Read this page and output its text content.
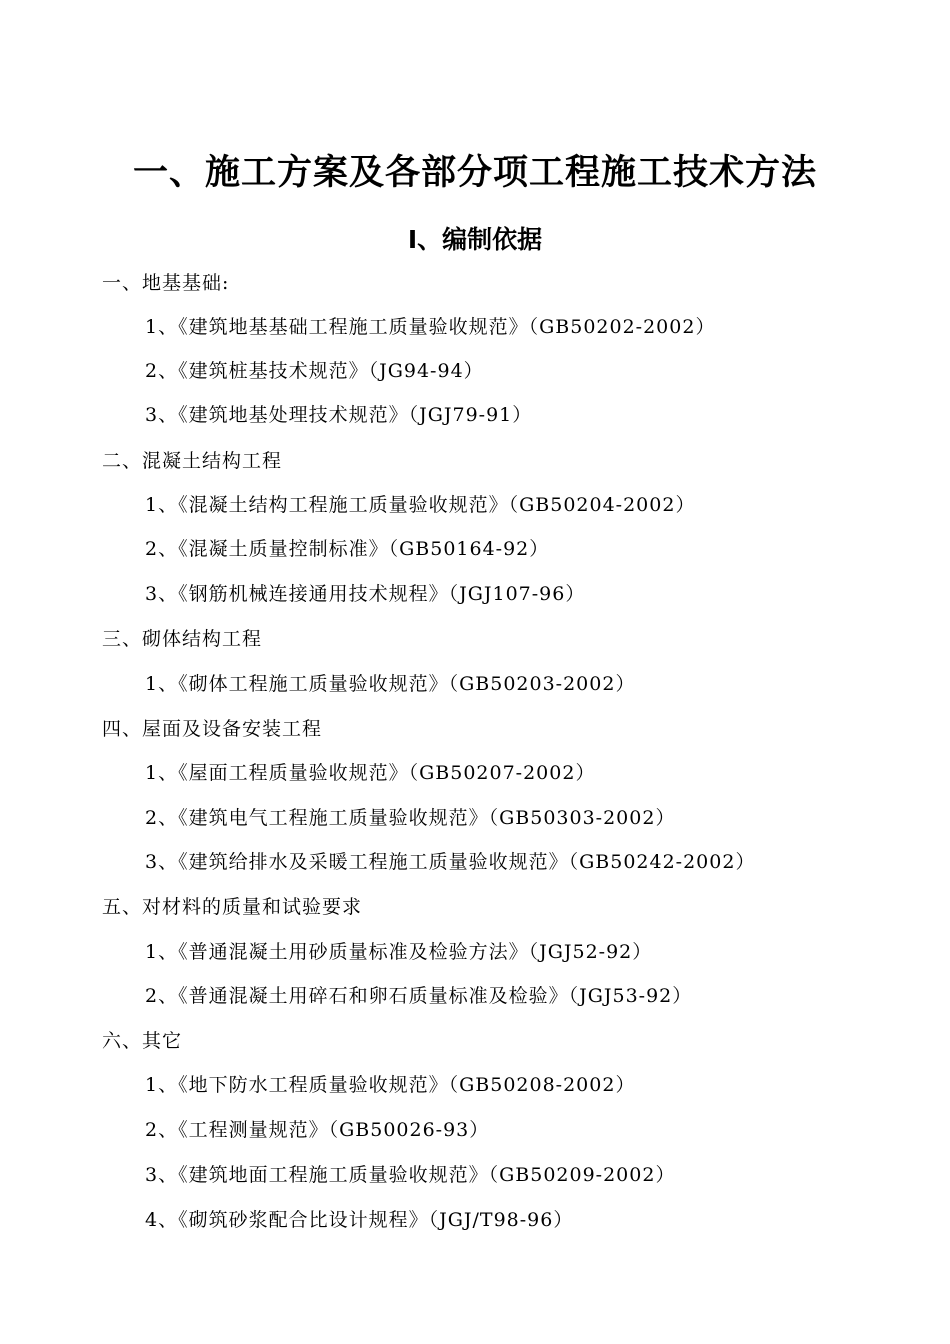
一、施工方案及各部分项工程施工技术方法
I、编制依据
一、地基基础:
1、《建筑地基基础工程施工质量验收规范》（GB50202-2002）
2、《建筑桩基技术规范》（JG94-94）
3、《建筑地基处理技术规范》（JGJ79-91）
二、混凝土结构工程
1、《混凝土结构工程施工质量验收规范》（GB50204-2002）
2、《混凝土质量控制标准》（GB50164-92）
3、《钢筋机械连接通用技术规程》（JGJ107-96）
三、砌体结构工程
1、《砌体工程施工质量验收规范》（GB50203-2002）
四、屋面及设备安装工程
1、《屋面工程质量验收规范》（GB50207-2002）
2、《建筑电气工程施工质量验收规范》（GB50303-2002）
3、《建筑给排水及采暖工程施工质量验收规范》（GB50242-2002）
五、对材料的质量和试验要求
1、《普通混凝土用砂质量标准及检验方法》（JGJ52-92）
2、《普通混凝土用碎石和卵石质量标准及检验》（JGJ53-92）
六、其它
1、《地下防水工程质量验收规范》（GB50208-2002）
2、《工程测量规范》（GB50026-93）
3、《建筑地面工程施工质量验收规范》（GB50209-2002）
4、《砌筑砂浆配合比设计规程》（JGJ/T98-96）
